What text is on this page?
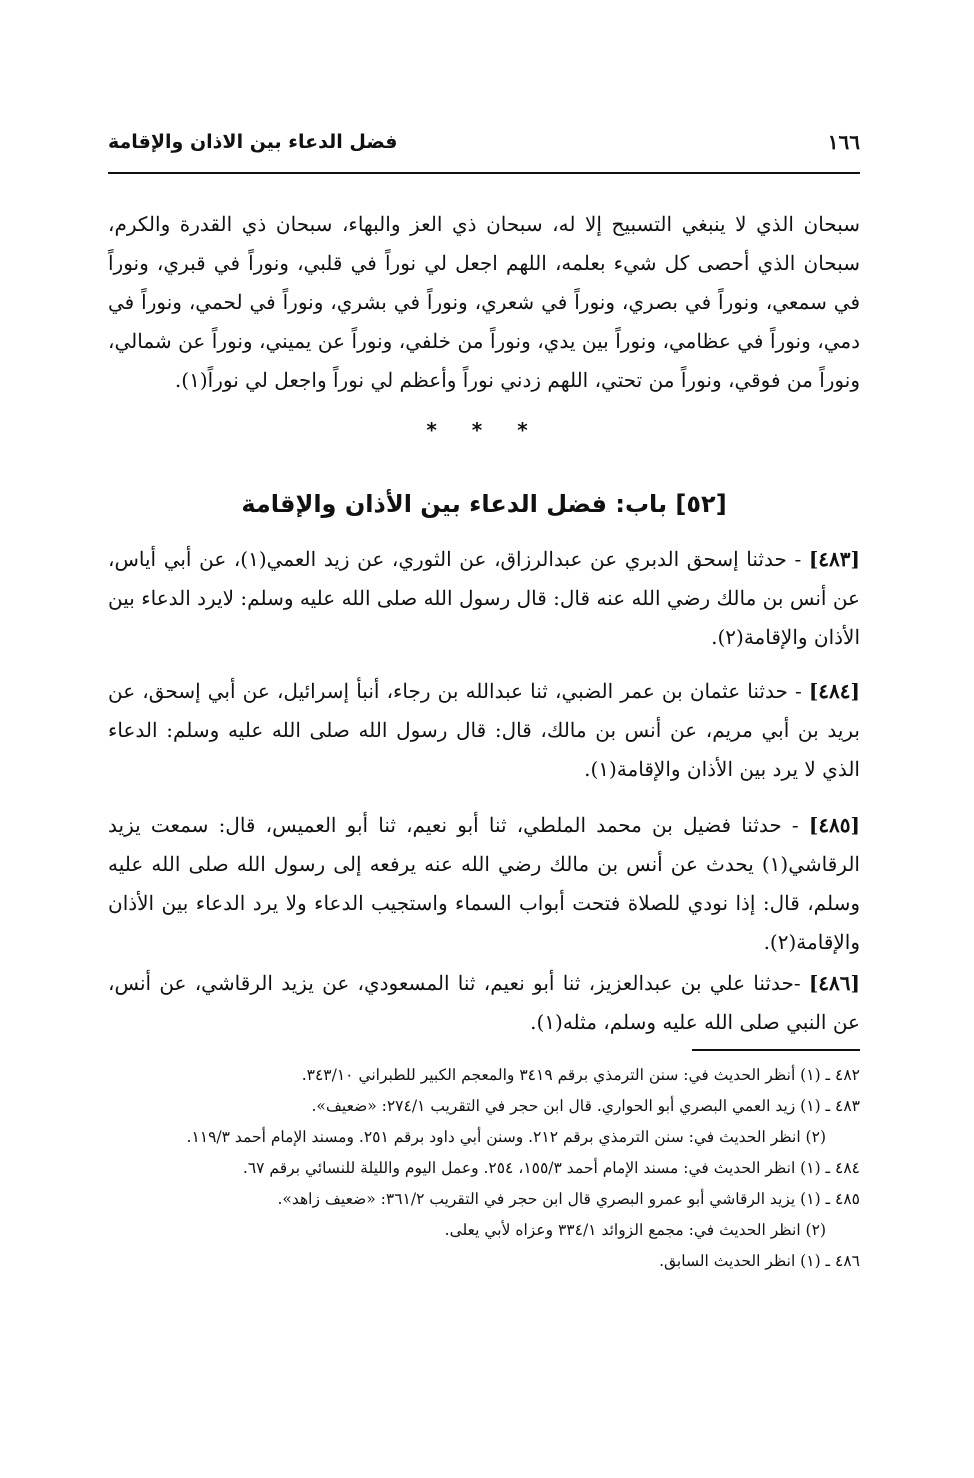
١٦٦
فضل الدعاء بين الاذان والإقامة
سبحان الذي لا ينبغي التسبيح إلا له، سبحان ذي العز والبهاء، سبحان ذي القدرة والكرم، سبحان الذي أحصى كل شيء بعلمه، اللهم اجعل لي نوراً في قلبي، ونوراً في قبري، ونوراً في سمعي، ونوراً في بصري، ونوراً في شعري، ونوراً في بشري، ونوراً في لحمي، ونوراً في دمي، ونوراً في عظامي، ونوراً بين يدي، ونوراً من خلفي، ونوراً عن يميني، ونوراً عن شمالي، ونوراً من فوقي، ونوراً من تحتي، اللهم زدني نوراً وأعظم لي نوراً واجعل لي نوراً(١).
* * *
[٥٢] باب: فضل الدعاء بين الأذان والإقامة
[٤٨٣] - حدثنا إسحق الدبري عن عبدالرزاق، عن الثوري، عن زيد العمي(١)، عن أبي أياس، عن أنس بن مالك رضي الله عنه قال: قال رسول الله صلى الله عليه وسلم: لايرد الدعاء بين الأذان والإقامة(٢).
[٤٨٤] - حدثنا عثمان بن عمر الضبي، ثنا عبدالله بن رجاء، أنبأ إسرائيل، عن أبي إسحق، عن بريد بن أبي مريم، عن أنس بن مالك، قال: قال رسول الله صلى الله عليه وسلم: الدعاء الذي لا يرد بين الأذان والإقامة(١).
[٤٨٥] - حدثنا فضيل بن محمد الملطي، ثنا أبو نعيم، ثنا أبو العميس، قال: سمعت يزيد الرقاشي(١) يحدث عن أنس بن مالك رضي الله عنه يرفعه إلى رسول الله صلى الله عليه وسلم، قال: إذا نودي للصلاة فتحت أبواب السماء واستجيب الدعاء ولا يرد الدعاء بين الأذان والإقامة(٢).
[٤٨٦] -حدثنا علي بن عبدالعزيز، ثنا أبو نعيم، ثنا المسعودي، عن يزيد الرقاشي، عن أنس، عن النبي صلى الله عليه وسلم، مثله(١).
٤٨٢ ـ (١) أنظر الحديث في: سنن الترمذي برقم ٣٤١٩ والمعجم الكبير للطبراني ٣٤٣/١٠.
٤٨٣ ـ (١) زيد العمي البصري أبو الحواري. قال ابن حجر في التقريب ٢٧٤/١: «ضعيف».
(٢) انظر الحديث في: سنن الترمذي برقم ٢١٢. وسنن أبي داود برقم ٢٥١. ومسند الإمام أحمد ١١٩/٣.
٤٨٤ ـ (١) انظر الحديث في: مسند الإمام أحمد ١٥٥/٣، ٢٥٤. وعمل اليوم والليلة للنسائي برقم ٦٧.
٤٨٥ ـ (١) يزيد الرقاشي أبو عمرو البصري قال ابن حجر في التقريب ٣٦١/٢: «ضعيف زاهد».
(٢) انظر الحديث في: مجمع الزوائد ٣٣٤/١ وعزاه لأبي يعلى.
٤٨٦ ـ (١) انظر الحديث السابق.
